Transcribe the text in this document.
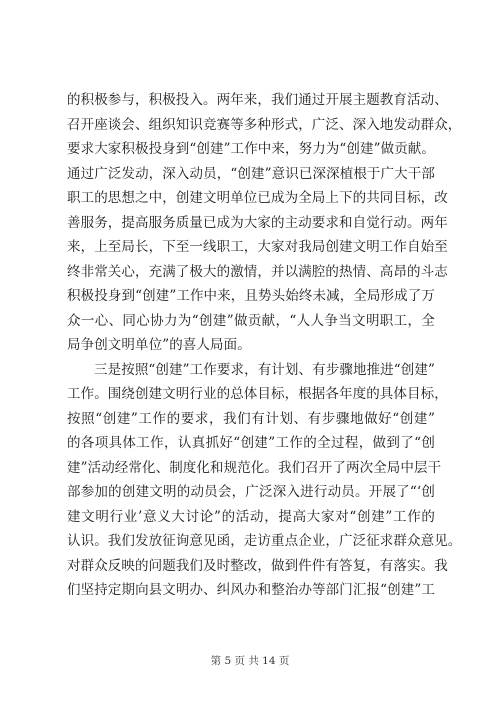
的积极参与，积极投入。两年来，我们通过开展主题教育活动、
召开座谈会、组织知识竞赛等多种形式，广泛、深入地发动群众，
要求大家积极投身到“创建”工作中来，努力为“创建”做贡献。
通过广泛发动，深入动员，“创建”意识已深深植根于广大干部
职工的思想之中，创建文明单位已成为全局上下的共同目标，改
善服务，提高服务质量已成为大家的主动要求和自觉行动。两年
来，上至局长，下至一线职工，大家对我局创建文明工作自始至
终非常关心，充满了极大的激情，并以满腔的热情、高昂的斗志
积极投身到“创建”工作中来，且势头始终未减，全局形成了万
众一心、同心协力为“创建”做贡献，“人人争当文明职工，全
局争创文明单位”的喜人局面。
三是按照“创建”工作要求，有计划、有步骤地推进“创建”
工作。围绕创建文明行业的总体目标，根据各年度的具体目标，
按照“创建”工作的要求，我们有计划、有步骤地做好“创建”
的各项具体工作，认真抓好“创建”工作的全过程，做到了“创
建”活动经常化、制度化和规范化。我们召开了两次全局中层干
部参加的创建文明的动员会，广泛深入进行动员。开展了“‘创
建文明行业’意义大讨论”的活动，提高大家对“创建”工作的
认识。我们发放征询意见函，走访重点企业，广泛征求群众意见。
对群众反映的问题我们及时整改，做到件件有答复，有落实。我
们坚持定期向县文明办、纠风办和整治办等部门汇报“创建”工
第 5 页 共 14 页
